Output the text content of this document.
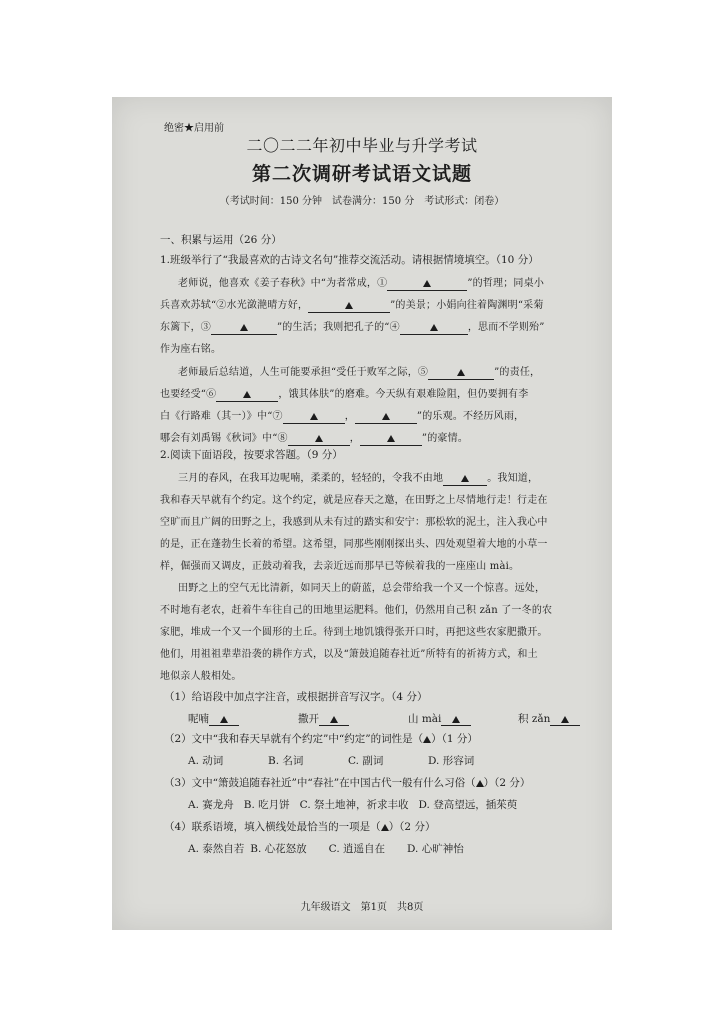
绝密★启用前
二〇二二年初中毕业与升学考试
第二次调研考试语文试题
（考试时间：150 分钟　试卷满分：150 分　考试形式：闭卷）
一、积累与运用（26 分）
1.班级举行了“我最喜欢的古诗文名句”推荐交流活动。请根据情境填空。（10 分）
老师说，他喜欢《姜子春秋》中“为者常成，①	”的哲理；同桌小
兵喜欢苏轼“②水光潋滟晴方好，	”的美景；小娟向往着陶渊明“采菊
东篱下，③	”的生活；我则把孔子的“④	，思而不学则殆”
作为座右铭。
老师最后总结道，人生可能要承担“受任于败军之际，⑤	”的责任，
也要经受“⑥	，饿其体肤”的磨难。今天纵有艰难险阻，但仍要拥有李
白《行路难（其一）》中“⑦	，	”的乐观。不经历风雨，
哪会有刘禹锡《秋词》中“⑧	，	”的豪情。
2.阅读下面语段，按要求答题。（9 分）
三月的春风，在我耳边呢喃，柔柔的，轻轻的，令我不由地	。我知道，
我和春天早就有个约定。这个约定，就是应春天之邀，在田野之上尽情地行走！行走在
空旷而且广阔的田野之上，我感到从未有过的踏实和安宁：那松软的泥土，注入我心中
的是，正在蓬勃生长着的希望。这希望，同那些刚刚探出头、四处观望着大地的小草一
样，倔强而又调皮，正鼓动着我，去亲近远而那早已等候着我的一座座山 mài。
田野之上的空气无比清新，如同天上的蔚蓝，总会带给我一个又一个惊喜。远处，
不时地有老农，赶着牛车往自己的田地里运肥料。他们，仍然用自己积 zǎn 了一冬的农
家肥，堆成一个又一个圆形的土丘。待到土地饥饿得张开口时，再把这些农家肥撒开。
他们，用祖祖辈辈沿袭的耕作方式，以及“箫鼓追随春社近”所特有的祈祷方式，和土
地似亲人般相处。
（1）给语段中加点字注音，或根据拼音写汉字。（4 分）
呢喃	撒开	山 mài	积 zǎn
（2）文中“我和春天早就有个约定”中“约定”的词性是（ ）（1 分）
A. 动词	B. 名词	C. 副词	D. 形容词
（3）文中“箫鼓追随春社近”中“春社”在中国古代一般有什么习俗（ ）（2 分）
A. 赛龙舟 B. 吃月饼 C. 祭土地神，祈求丰收 D. 登高望远，插茱萸
（4）联系语境，填入横线处最恰当的一项是（ ）（2 分）
A. 泰然自若 B. 心花怒放 C. 逍遥自在 D. 心旷神怡
九年级语文　第1页　共8页
